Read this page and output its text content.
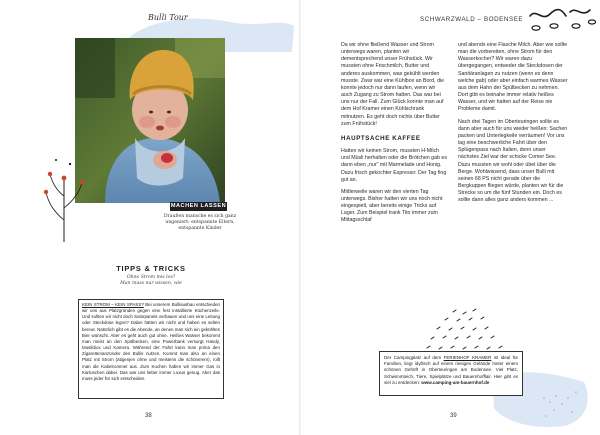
Bulli Tour	SCHWARZWALD – BODENSEE
MACHEN LASSEN
Draußen mansche es sich ganz ungeniert: entspannte Eltern, entspannte Kinder
TIPPS & TRICKS
Ohne Strom mis los?
Man muss nur wissen, wie
KEIN STROM – KEIN SPASS? Bei unserem Bulliausbau entschieden wir uns aus Platzgründen gegen eine fest installierte Küchenzeile. Und sollten wir nicht doch Solarpanels verbauen und uns eine Leitung oder Steckdose legen? Dabei hätten wir nicht und haben es selten bereut. Natürlich gibt es die Abende, an denen man sich ein gekühltes Bier wünscht. Aber es geht auch gut ohne. Heißes Wasser bekommt man meist an den Spülbecken, eine Powerbank versorgt Handy, Musikbox und Kamera. Während der Fahrt kann man prima den Zigarettenanzünder des Bullis nutzen. Kommt man also an einen Platz mit Strom (ätigenjen ohne und meistens die schöneren!), rollt man die Kabelrommel aus. Zum Kochen haben wir immer Gas in Kartuschen dabei. Das war uns lieber immer Luxus genug. Aber das muss jeder für sich entscheiden.
38	39

Da wir ohne fließend Wasser und Strom unterwegs waren, planten wir dementsprechend unser Frühstück. Wir mussten ohne Frischmilch, Butter und anderes auskommen, was gekühlt werden musste. Zwar war eine Kühlbox an Bord, die konnte jedoch nur dann laufen, wenn wir auch Zugang zu Strom hatten. Das war bei uns nur der Fall. Zum Glück konnte man auf dem Hof Kramer einen Kühlschrank mitnutzen. Es geht doch nichts über Butter zum Frühstück!

HAUPTSACHE KAFFEE

Hatten wir keinen Strom, mussten H-Milch und Müsli herhalten oder die Brötchen gab es dann eben „nur" mit Marmelade und Honig. Dazu frisch gekochter Espresso: Der Tag fing gut an.

Mittlerweile waren wir den vierten Tag unterwegs. Bisher hatten wir uns noch nicht eingespielt, aber bereits einige Tricks auf Lager. Zum Beispiel trank Tito immer zum Mittagsschlaf

und abends eine Flasche Milch. Aber wie sollte man die vorbereiten, ohne Strom für den Wasserkocher? Wir waren dazu übergegangen, entweder die Steckdosen der Sanitäranlagen zu nutzen (wenn es denn welche gab) oder aber einfach warmes Wasser aus dem Hahn der Spülbecken zu nehmen. Dort gibt es beinahe immer relativ heißes Wasser, und wir hatten auf der Reise nie Probleme damit.

Nach drei Tagen im Oberteuringen sollte es dann aber auch für uns wieder heißen: Sachen packen und Unterlegkeile verräumen! Vor uns lag eine beschwerliche Fahrt über den Splügenpass nach Italien, denn unser nächstes Ziel war der schicke Comer See. Dazu mussten wir wohl oder übel über die Berge. Wohlwissend, dass unser Bulli mit seinen 68 PS nicht gerade über die Bergkuppen fliegen würde, planten wir für die Strecke so um die fünf Stunden ein. Doch es sollte dann alles ganz anders kommen ...

Der Campingplatz auf dem FERIENHOF KRAMER ist ideal für Familien, liegt idyllisch auf einem riesigen Gelände hinter einem schönen Gehöft in Oberteuringen am Bodensee. Viel Platz, Schwimmteich, Tiere, Spielplätze und Bauernhofflair. Hier gibt es viel zu entdecken: www.camping-am-bauernhof.de
